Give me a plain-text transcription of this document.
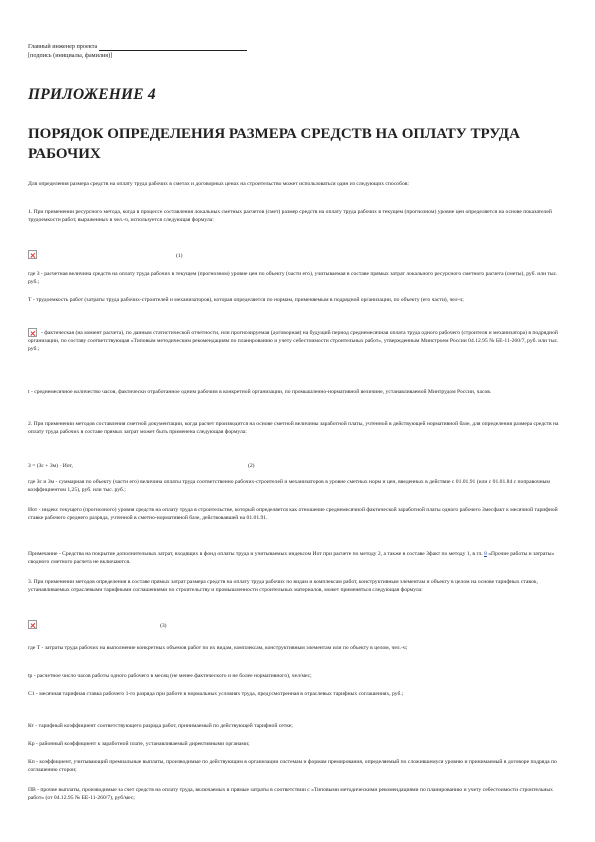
Главный инженер проекта
[подпись (инициалы, фамилия)]
ПРИЛОЖЕНИЕ 4
ПОРЯДОК ОПРЕДЕЛЕНИЯ РАЗМЕРА СРЕДСТВ НА ОПЛАТУ ТРУДА РАБОЧИХ

Для определения размера средств на оплату труда рабочих в сметах и договорных ценах на строительство может использоваться один из следующих способов:

1. При применении ресурсного метода, когда в процессе составления локальных сметных расчетов (смет) размер средств на оплату труда рабочих в текущем (прогнозном) уровне цен определяется на основе показателей трудоемкости работ, выраженных в чел.-ч, используется следующая формула:

(1)

где З - расчетная величина средств на оплату труда рабочих в текущем (прогнозном) уровне цен по объекту (части его), учитываемая в составе прямых затрат локального ресурсного сметного расчета (сметы), руб. или тыс. руб.;

Т - трудоемкость работ (затраты труда рабочих-строителей и механизаторов), которая определяется по нормам, применяемым в подрядной организации, по объекту (его части), чел-ч;

- фактическая (на момент расчета), по данным статистической отчетности, или прогнозируемая (договорная) на будущий период среднемесячная оплата труда одного рабочего (строителя и механизатора) в подрядной организации, по составу соответствующая «Типовым методическим рекомендациям по планированию и учету себестоимости строительных работ», утвержденным Минстроем России 04.12.95 № БЕ-11-260/7, руб. или тыс. руб.;

t - среднемесячное количество часов, фактически отработанное одним рабочим в конкретной организации, по промышленно-нормативной величине, устанавливаемой Минтрудом России, часов.

2. При применении методов составления сметной документации, когда расчет производится на основе сметной величины заработной платы, учтенной в действующей нормативной базе, для определения размера средств на оплату труда рабочих в составе прямых затрат может быть применена следующая формула:

З = (Зс + Зм) · Иот,	(2)

где Зс и Зм - суммарная по объекту (части его) величина оплаты труда соответственно рабочих-строителей и механизаторов в уровне сметных норм и цен, введенных в действие с 01.01.91 (или с 01.01.84 с поправочным коэффициентом 1,25), руб. или тыс. руб.;

Иот - индекс текущего (прогнозного) уровня средств на оплату труда в строительстве, который определяется как отношение среднемесячной фактической заработной платы одного рабочего Змесфакт к месячной тарифной ставке рабочего среднего разряда, учтенной в сметно-нормативной базе, действовавшей на 01.01.91.

Примечание - Средства на покрытие дополнительных затрат, входящих в фонд оплаты труда и учитываемых индексом Иот при расчете по методу 2, а также в составе Зфакт по методу 1, в гл. 8 «Прочие работы и затраты» сводного сметного расчета не включаются.

3. При применении методов определения в составе прямых затрат размера средств на оплату труда рабочих по видам и комплексам работ, конструктивным элементам и объекту в целом на основе тарифных ставок, устанавливаемых отраслевыми тарифными соглашениями по строительству и промышленности строительных материалов, может применяться следующая формула:

(3)

где Т - затраты труда рабочих на выполнение конкретных объемов работ по их видам, комплексам, конструктивным элементам или по объекту в целом, чел.-ч;

tр - расчетное число часов работы одного рабочего в месяц (не менее фактического и не более нормативного), чел/мес;

С1 - месячная тарифная ставка рабочего 1-го разряда при работе в нормальных условиях труда, предусмотренная в отраслевых тарифных соглашениях, руб.;

Кт - тарифный коэффициент соответствующего разряда работ, принимаемый по действующей тарифной сетке;

Кр - районный коэффициент к заработной плате, устанавливаемый директивными органами;

Кп - коэффициент, учитывающий премиальные выплаты, производимые по действующим в организации системам и формам премирования, определяемый по сложившемуся уровню и принимаемый в договоре подряда по соглашению сторон;

ПВ - прочие выплаты, производимые за счет средств на оплату труда, включаемых в прямые затраты в соответствии с «Типовыми методическими рекомендациями по планированию и учету себестоимости строительных работ» (от 04.12.95 № БЕ-11-260/7), руб/мес;
